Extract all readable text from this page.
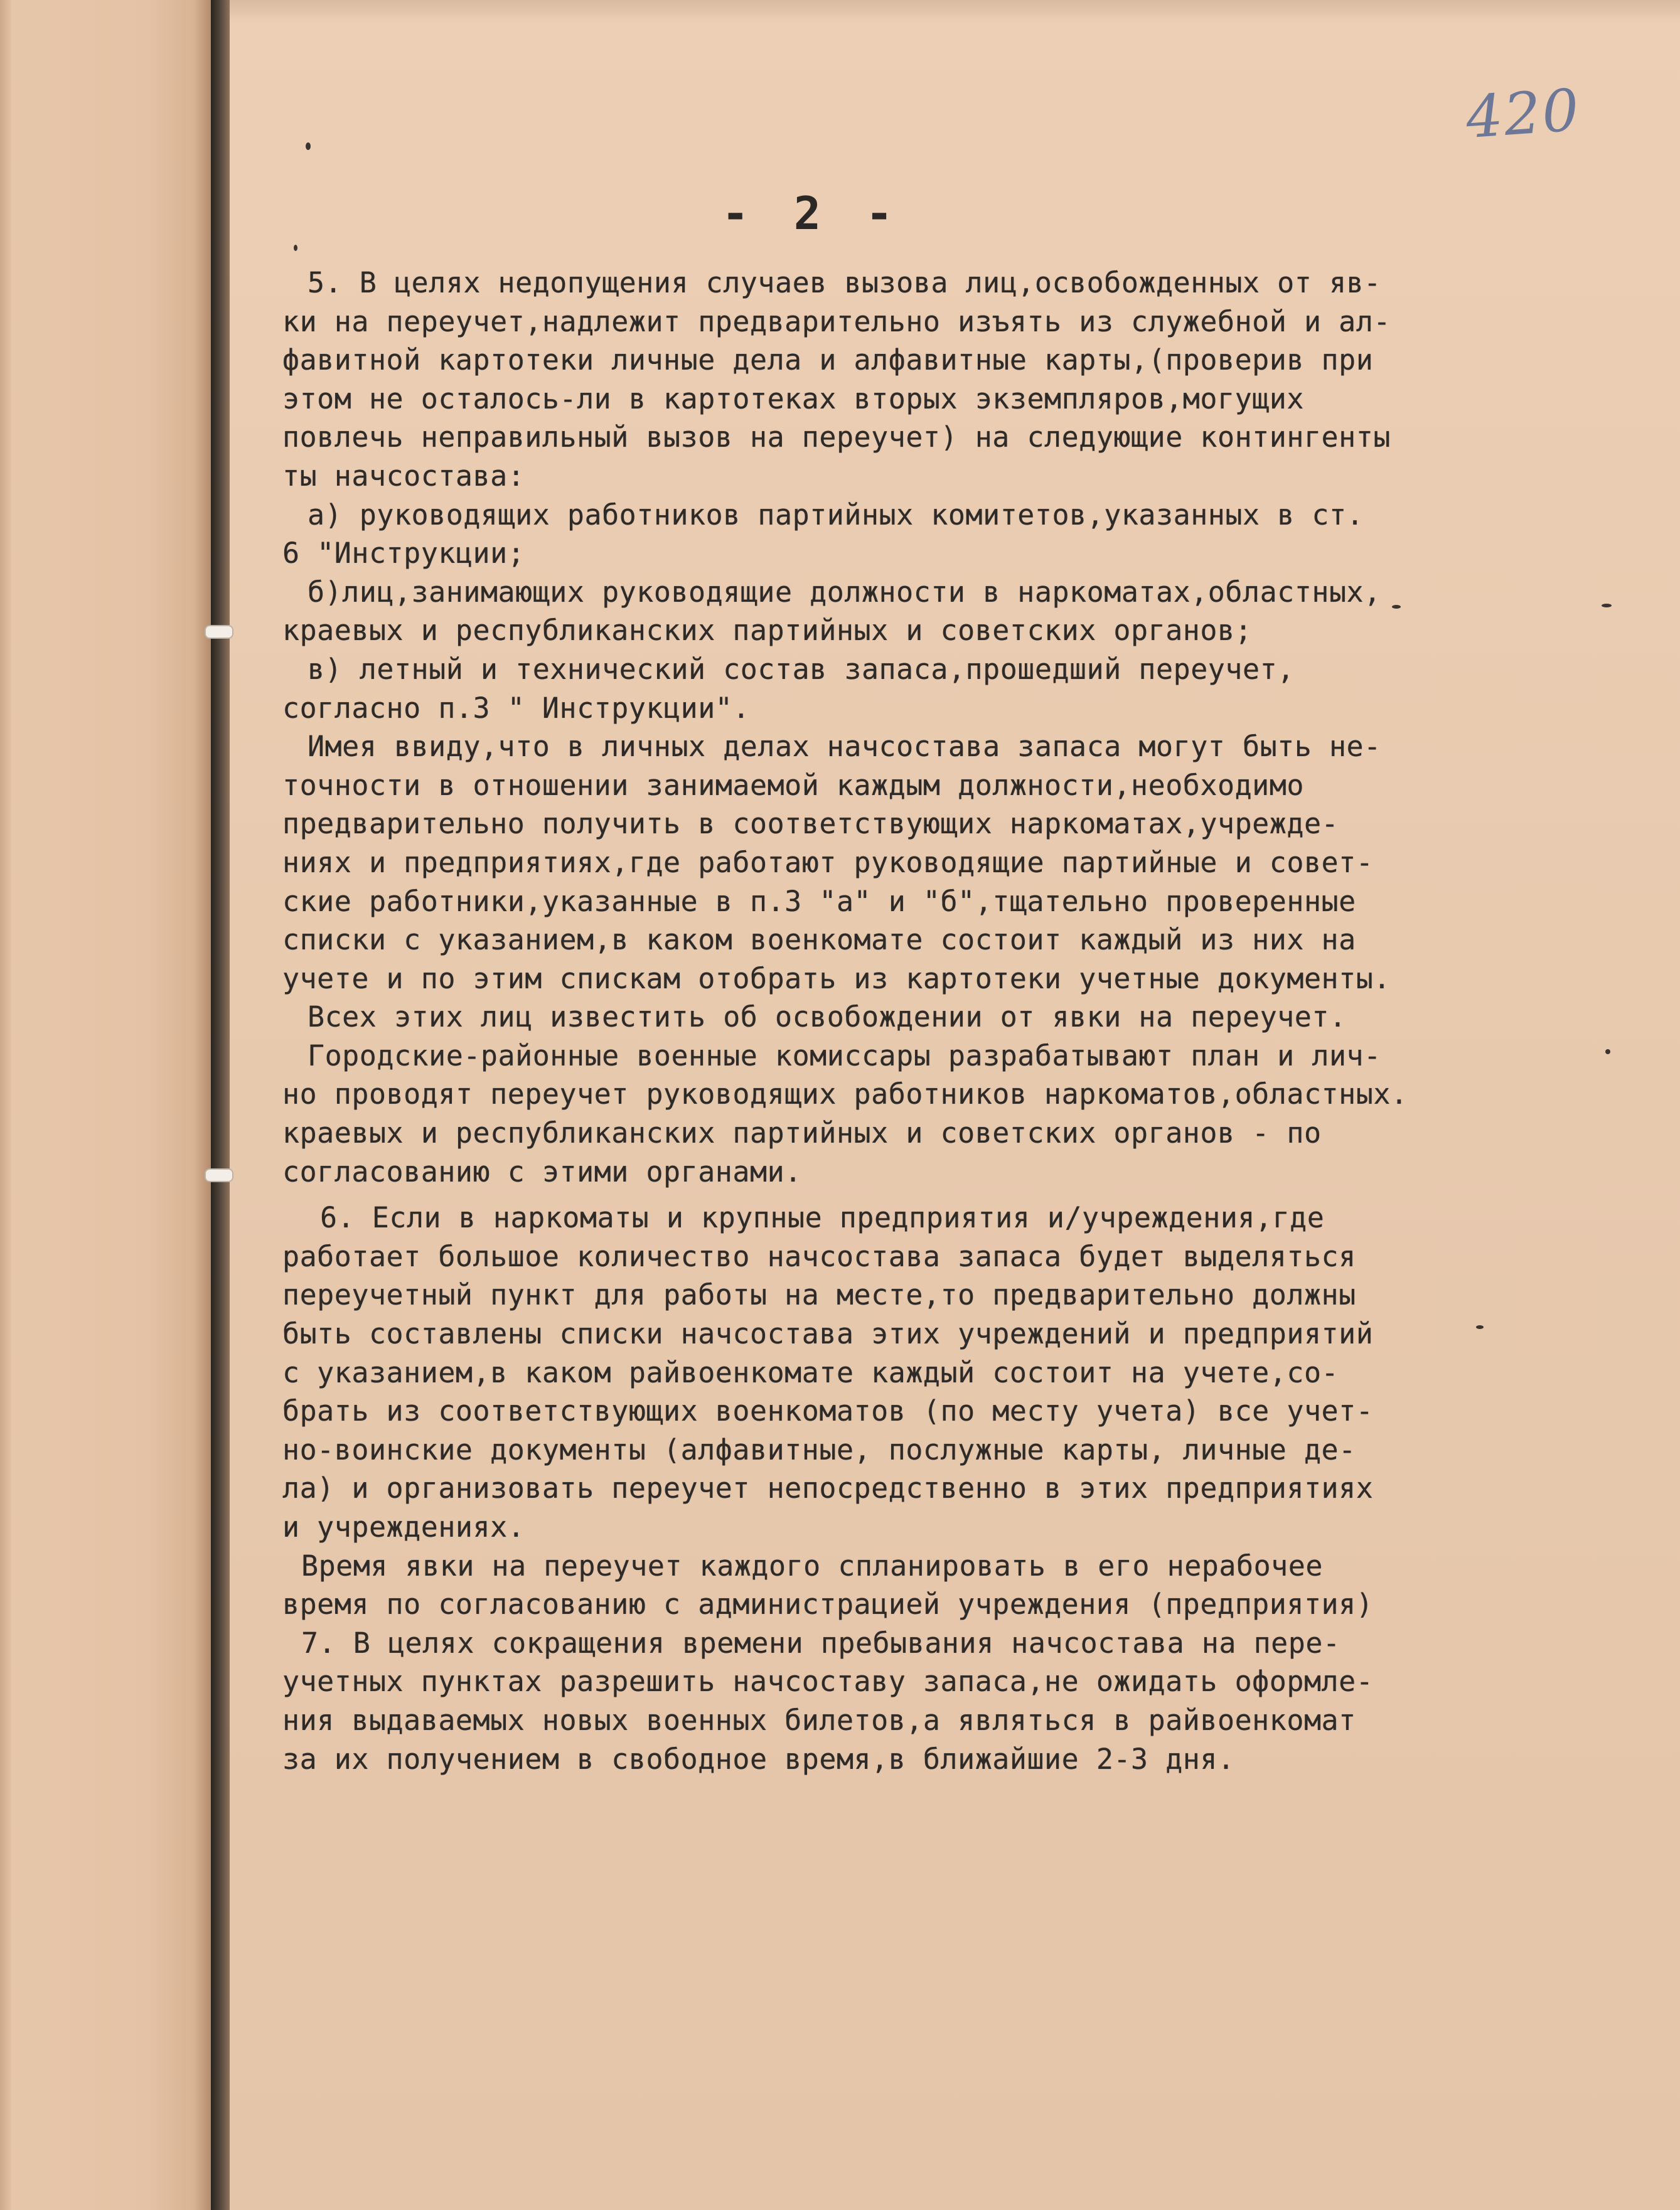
420
- 2 -
5. В целях недопущения случаев вызова лиц,освобожденных от яв-
ки на переучет,надлежит предварительно изъять из служебной и ал-
фавитной картотеки личные дела и алфавитные карты,(проверив при
этом не осталось-ли в картотеках вторых экземпляров,могущих
повлечь неправильный вызов на переучет) на следующие контингенты
ты начсостава:
а) руководящих работников партийных комитетов,указанных в ст.
6 "Инструкции;
б)лиц,занимающих руководящие должности в наркоматах,областных,
краевых и республиканских партийных и советских органов;
в) летный и технический состав запаса,прошедший переучет,
согласно п.3 " Инструкции".
Имея ввиду,что в личных делах начсостава запаса могут быть не-
точности в отношении занимаемой каждым должности,необходимо
предварительно получить в соответствующих наркоматах,учрежде-
ниях и предприятиях,где работают руководящие партийные и совет-
ские работники,указанные в п.3 "а" и "б",тщательно проверенные
списки с указанием,в каком военкомате состоит каждый из них на
учете и по этим спискам отобрать из картотеки учетные документы.
Всех этих лиц известить об освобождении от явки на переучет.
Городские-районные военные комиссары разрабатывают план и лич-
но проводят переучет руководящих работников наркоматов,областных.
краевых и республиканских партийных и советских органов - по
согласованию с этими органами.
6. Если в наркоматы и крупные предприятия и/учреждения,где
работает большое количество начсостава запаса будет выделяться
переучетный пункт для работы на месте,то предварительно должны
быть составлены списки начсостава этих учреждений и предприятий
с указанием,в каком райвоенкомате каждый состоит на учете,со-
брать из соответствующих военкоматов (по месту учета) все учет-
но-воинские документы (алфавитные, послужные карты, личные де-
ла) и организовать переучет непосредственно в этих предприятиях
и учреждениях.
Время явки на переучет каждого спланировать в его нерабочее
время по согласованию с администрацией учреждения (предприятия)
7. В целях сокращения времени пребывания начсостава на пере-
учетных пунктах разрешить начсоставу запаса,не ожидать оформле-
ния выдаваемых новых военных билетов,а являться в райвоенкомат
за их получением в свободное время,в ближайшие 2-3 дня.
